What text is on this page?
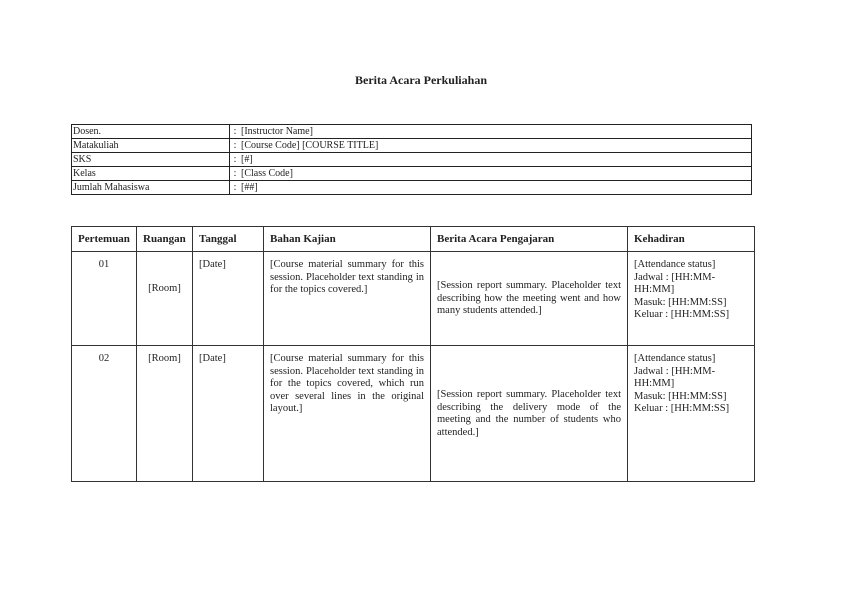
Berita Acara Perkuliahan
Dosen.	:	[Instructor Name]
Matakuliah	:	[Course Code] [COURSE TITLE]
SKS	:	[#]
Kelas	:	[Class Code]
Jumlah Mahasiswa	:	[##]
Pertemuan	Ruangan	Tanggal	Bahan Kajian	Berita Acara Pengajaran	Kehadiran
01	[Room]	[Date]	[Course material summary for this session. Placeholder text standing in for the topics covered.]	[Session report summary. Placeholder text describing how the meeting went and how many students attended.]	[Attendance status]
Jadwal : [HH:MM-HH:MM]
Masuk: [HH:MM:SS]
Keluar : [HH:MM:SS]

02	[Room]	[Date]	[Course material summary for this session. Placeholder text standing in for the topics covered, which run over several lines in the original layout.]	[Session report summary. Placeholder text describing the delivery mode of the meeting and the number of students who attended.]	[Attendance status]
Jadwal : [HH:MM-HH:MM]
Masuk: [HH:MM:SS]
Keluar : [HH:MM:SS]
